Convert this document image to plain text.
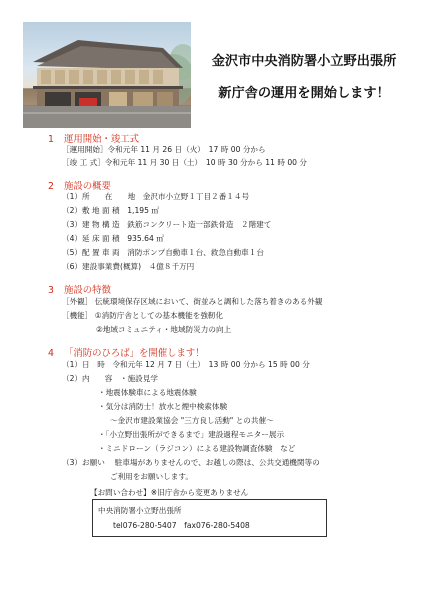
金沢市中央消防署小立野出張所
新庁舎の運用を開始します！
1 運用開始・竣工式
［運用開始］令和元年 11 月 26 日（火）　17 時 00 分から
［竣 工 式］令和元年 11 月 30 日（土）　10 時 30 分から 11 時 00 分
2 施設の概要
（1）所　　在　　地　金沢市小立野１丁目２番１４号
（2）敷 地 面 積　1,195 ㎡
（3）建 物 構 造　鉄筋コンクリート造一部鉄骨造　２階建て
（4）延 床 面 積　935.64 ㎡
（5）配 置 車 両　消防ポンプ自動車１台、救急自動車１台
（6）建設事業費(概算)　４億８千万円
3 施設の特徴
［外観］ 伝統環境保存区域において、街並みと調和した落ち着きのある外観
［機能］ ①消防庁舎としての基本機能を強靭化
②地域コミュニティ・地域防災力の向上
4 「消防のひろば」を開催します！
（1）日　時　令和元年 12 月 7 日（土）　13 時 00 分から 15 時 00 分
（2）内　　容　・施設見学
・地震体験車による地震体験
・気分は消防士！放水と煙中検索体験
～金沢市建設業協会 "三方良し活動" との共催～
・「小立野出張所ができるまで」建設過程モニター展示
・ミニドローン（ラジコン）による建設物調査体験　など
（3）お願い　 駐車場がありませんので、お越しの際は、公共交通機関等の
ご利用をお願いします。
【お問い合わせ】※旧庁舎から変更ありません
中央消防署小立野出張所
tel076-280-5407　fax076-280-5408
